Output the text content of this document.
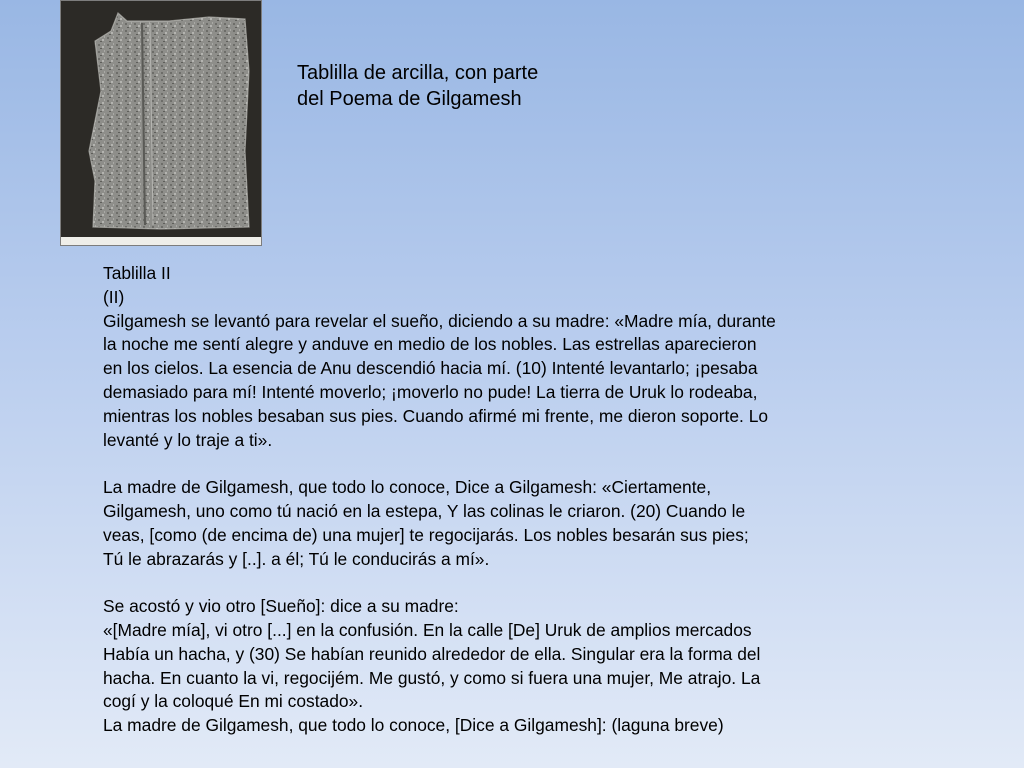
Tablilla de arcilla, con parte
del Poema de Gilgamesh
Tablilla II
(II)
Gilgamesh se levantó para revelar el sueño, diciendo a su madre: «Madre mía, durante
la noche me sentí alegre y anduve en medio de los nobles. Las estrellas aparecieron
en los cielos. La esencia de Anu descendió hacia mí. (10) Intenté levantarlo; ¡pesaba
demasiado para mí! Intenté moverlo; ¡moverlo no pude! La tierra de Uruk lo rodeaba,
mientras los nobles besaban sus pies. Cuando afirmé mi frente, me dieron soporte. Lo
levanté y lo traje a ti».
La madre de Gilgamesh, que todo lo conoce, Dice a Gilgamesh: «Ciertamente,
Gilgamesh, uno como tú nació en la estepa, Y las colinas le criaron. (20) Cuando le
veas, [como (de encima de) una mujer] te regocijarás. Los nobles besarán sus pies;
Tú le abrazarás y [..]. a él; Tú le conducirás a mí».
Se acostó y vio otro [Sueño]: dice a su madre:
«[Madre mía], vi otro [...] en la confusión. En la calle [De] Uruk de amplios mercados
Había un hacha, y (30) Se habían reunido alrededor de ella. Singular era la forma del
hacha. En cuanto la vi, regocijém. Me gustó, y como si fuera una mujer, Me atrajo. La
cogí y la coloqué En mi costado».
La madre de Gilgamesh, que todo lo conoce, [Dice a Gilgamesh]: (laguna breve)
